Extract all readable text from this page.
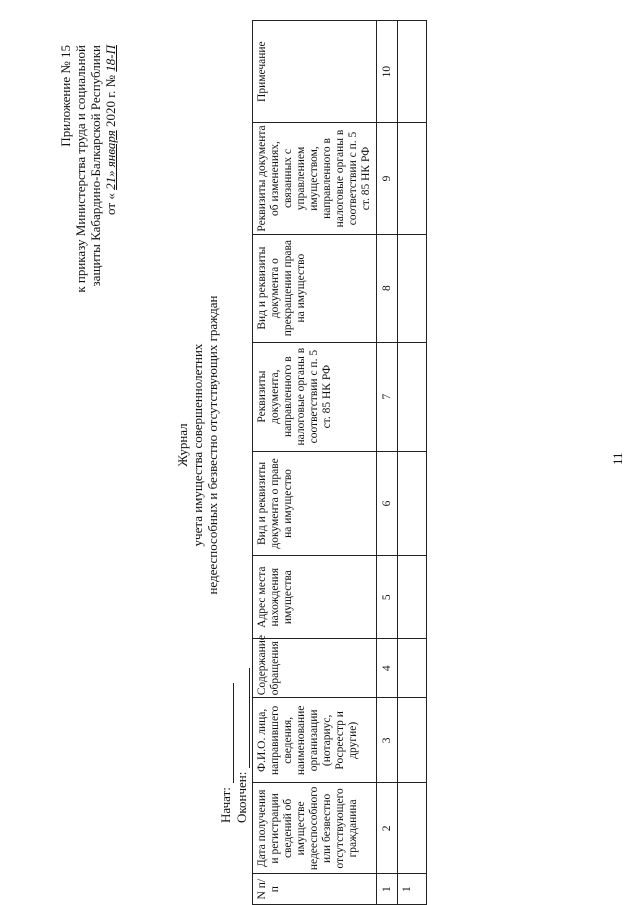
Приложение № 15 к приказу Министерства труда и социальной защиты Кабардино-Балкарской Республики от « 21» января 2020 г. № 18-П
Журнал учета имущества совершеннолетних недееспособных и безвестно отсутствующих граждан
Начат: Окончен:
N п/п	Дата получения и регистрации сведений об имуществе недееспособного или безвестно отсутствующего гражданина	Ф.И.О. лица, направившего сведения, наименование организации (нотариус, Росреестр и другие)	Содержание обращения	Адрес места нахождения имущества	Вид и реквизиты документа о праве на имущество	Реквизиты документа, направленного в налоговые органы в соответствии с п. 5 ст. 85 НК РФ	Вид и реквизиты документа о прекращении права на имущество	Реквизиты документа об изменениях, связанных с управлением имуществом, направленного в налоговые органы в соответствии с п. 5 ст. 85 НК РФ	Примечание
1	2	3	4	5	6	7	8	9	10
1									
11
